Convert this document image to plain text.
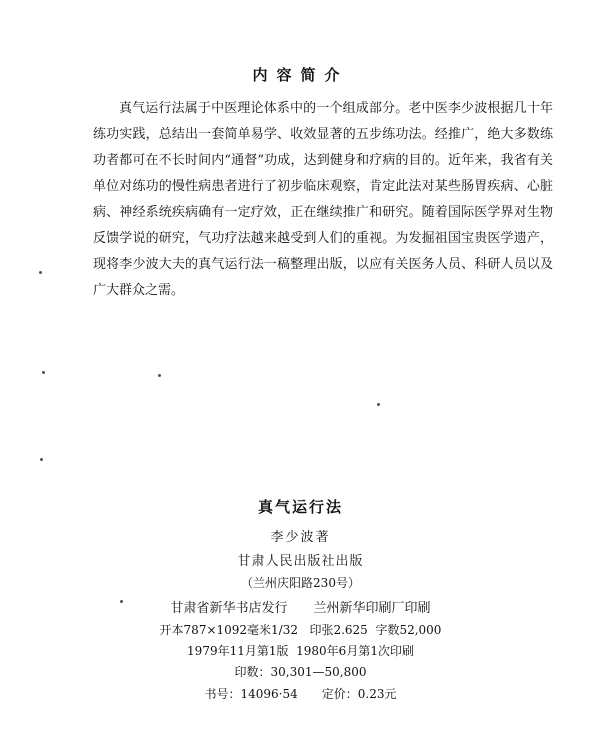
内容简介

真气运行法属于中医理论体系中的一个组成部分。老中医李少波根据几十年练功实践，总结出一套简单易学、收效显著的五步练功法。经推广，绝大多数练功者都可在不长时间内“通督”功成，达到健身和疗病的目的。近年来，我省有关单位对练功的慢性病患者进行了初步临床观察，肯定此法对某些肠胃疾病、心脏病、神经系统疾病确有一定疗效，正在继续推广和研究。随着国际医学界对生物反馈学说的研究，气功疗法越来越受到人们的重视。为发掘祖国宝贵医学遗产，现将李少波大夫的真气运行法一稿整理出版，以应有关医务人员、科研人员以及广大群众之需。

真气运行法
李少波著
甘肃人民出版社出版
（兰州庆阳路230号）
甘肃省新华书店发行 兰州新华印刷厂印刷
开本787×1092毫米1/32 印张2.625 字数52,000
1979年11月第1版 1980年6月第1次印刷
印数：30,301—50,800
书号：14096·54 定价：0.23元
